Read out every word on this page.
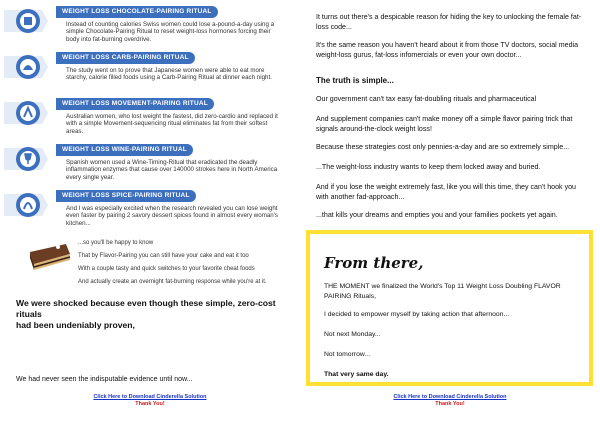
WEIGHT LOSS CHOCOLATE-PAIRING RITUAL
Instead of counting calories Swiss women could lose a-pound-a-day using a simple Chocolate-Pairing Ritual to reset weight-loss hormones forcing their body into fat-burning overdrive.
WEIGHT LOSS CARB-PAIRING RITUAL
The study went on to prove that Japanese women were able to eat more starchy, calorie filled foods using a Carb-Pairing Ritual at dinner each night.
WEIGHT LOSS MOVEMENT-PAIRING RITUAL
Australian women, who lost weight the fastest, did zero-cardio and replaced it with a simple Movement-sequencing ritual eliminates fat from their softest areas.
WEIGHT LOSS WINE-PAIRING RITUAL
Spanish women used a Wine-Timing-Ritual that eradicated the deadly inflammation enzymes that cause over 140000 strokes here in North America every single year.
WEIGHT LOSS SPICE-PAIRING RITUAL
And I was especially excited when the research revealed you can lose weight even faster by pairing 2 savory dessert spices found in almost every woman's kitchen...
...so you'll be happy to know
That by Flavor-Pairing you can still have your cake and eat it too
With a couple tasty and quick switches to your favorite cheat foods
And actually create an overnight fat-burning response while you're at it.
We were shocked because even though these simple, zero-cost rituals
had been undeniably proven,
We had never seen the indisputable evidence until now...
Click Here to Download Cinderella Solution
Thank You!
It turns out there's a despicable reason for hiding the key to unlocking the female fat-loss code...
It's the same reason you haven't heard about it from those TV doctors, social media weight-loss gurus, fat-loss infomercials or even your own doctor...
The truth is simple...
Our government can't tax easy fat-doubling rituals and pharmaceutical
And supplement companies can't make money off a simple flavor pairing trick that signals around-the-clock weight loss!
Because these strategies cost only pennies-a-day and are so extremely simple...
...The weight-loss industry wants to keep them locked away and buried.
And if you lose the weight extremely fast, like you will this time, they can't hook you with another fad-approach...
...that kills your dreams and empties you and your families pockets yet again.
Click Here to Download Cinderella Solution
Thank You!
From there,
THE MOMENT we finalized the World's Top 11 Weight Loss Doubling FLAVOR PAIRING Rituals,
I decided to empower myself by taking action that afternoon...
Not next Monday...
Not tomorrow...
That very same day.
